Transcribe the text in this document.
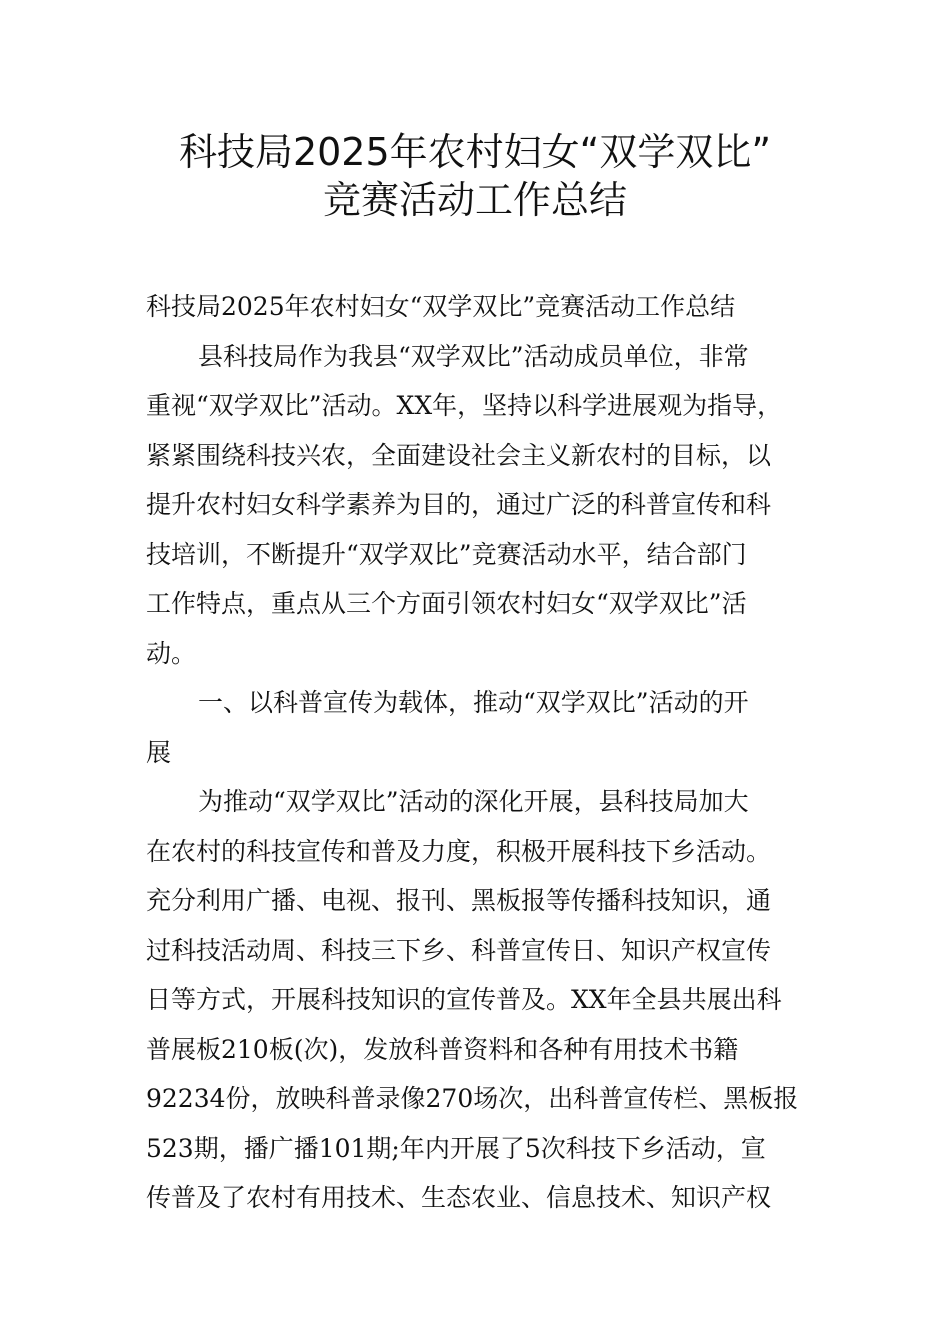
科技局2025年农村妇女“双学双比”
竞赛活动工作总结
科技局2025年农村妇女“双学双比”竞赛活动工作总结
县科技局作为我县“双学双比”活动成员单位，非常
重视“双学双比”活动。XX年，坚持以科学进展观为指导，
紧紧围绕科技兴农，全面建设社会主义新农村的目标，以
提升农村妇女科学素养为目的，通过广泛的科普宣传和科
技培训，不断提升“双学双比”竞赛活动水平，结合部门
工作特点，重点从三个方面引领农村妇女“双学双比”活
动。
一、以科普宣传为载体，推动“双学双比”活动的开
展
为推动“双学双比”活动的深化开展，县科技局加大
在农村的科技宣传和普及力度，积极开展科技下乡活动。
充分利用广播、电视、报刊、黑板报等传播科技知识，通
过科技活动周、科技三下乡、科普宣传日、知识产权宣传
日等方式，开展科技知识的宣传普及。XX年全县共展出科
普展板210板(次)，发放科普资料和各种有用技术书籍
92234份，放映科普录像270场次，出科普宣传栏、黑板报
523期，播广播101期;年内开展了5次科技下乡活动，宣
传普及了农村有用技术、生态农业、信息技术、知识产权
